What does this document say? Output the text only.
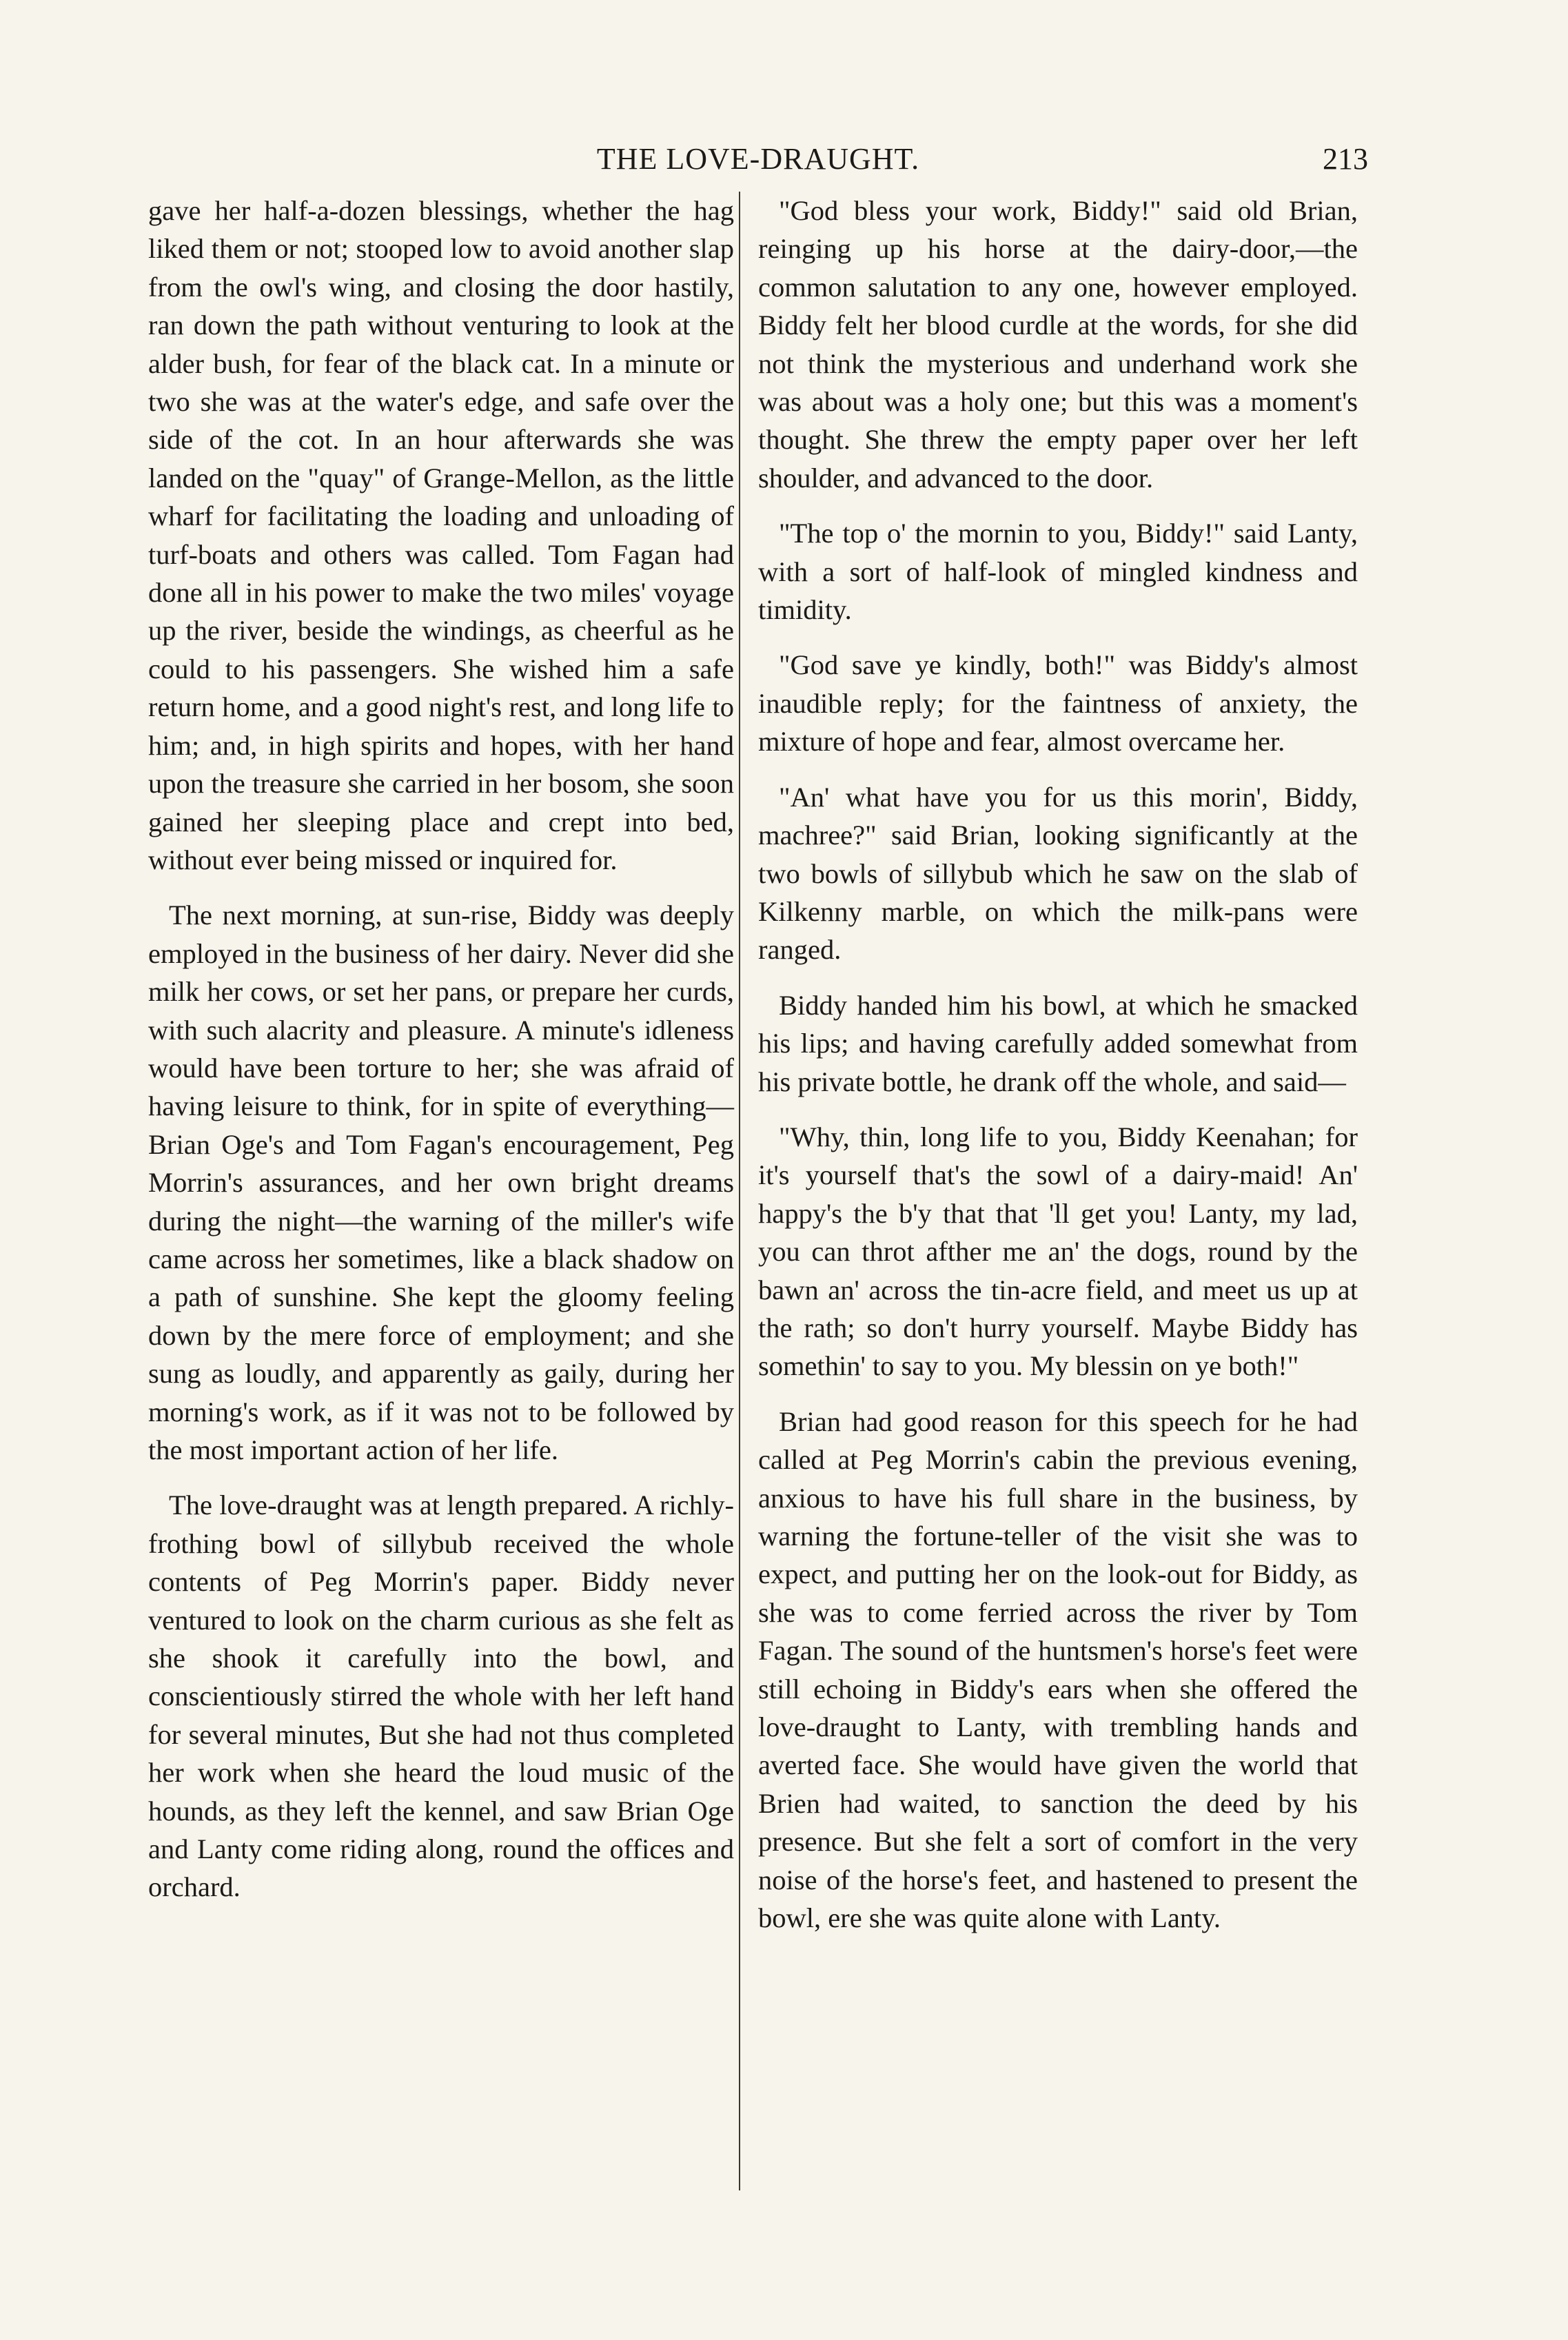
THE LOVE-DRAUGHT.	213

gave her half-a-dozen blessings, whether the hag liked them or not; stooped low to avoid another slap from the owl's wing, and closing the door hastily, ran down the path without venturing to look at the alder bush, for fear of the black cat. In a minute or two she was at the water's edge, and safe over the side of the cot. In an hour afterwards she was landed on the "quay" of Grange-Mellon, as the little wharf for facilitating the loading and unloading of turf-boats and others was called. Tom Fagan had done all in his power to make the two miles' voyage up the river, beside the windings, as cheerful as he could to his passengers. She wished him a safe return home, and a good night's rest, and long life to him; and, in high spirits and hopes, with her hand upon the treasure she carried in her bosom, she soon gained her sleeping place and crept into bed, without ever being missed or inquired for.

The next morning, at sun-rise, Biddy was deeply employed in the business of her dairy. Never did she milk her cows, or set her pans, or prepare her curds, with such alacrity and pleasure. A minute's idleness would have been torture to her; she was afraid of having leisure to think, for in spite of everything—Brian Oge's and Tom Fagan's encouragement, Peg Morrin's assurances, and her own bright dreams during the night—the warning of the miller's wife came across her sometimes, like a black shadow on a path of sunshine. She kept the gloomy feeling down by the mere force of employment; and she sung as loudly, and apparently as gaily, during her morning's work, as if it was not to be followed by the most important action of her life.

The love-draught was at length prepared. A richly-frothing bowl of sillybub received the whole contents of Peg Morrin's paper. Biddy never ventured to look on the charm curious as she felt as she shook it carefully into the bowl, and conscientiously stirred the whole with her left hand for several minutes, But she had not thus completed her work when she heard the loud music of the hounds, as they left the kennel, and saw Brian Oge and Lanty come riding along, round the offices and orchard.

"God bless your work, Biddy!" said old Brian, reinging up his horse at the dairy-door,—the common salutation to any one, however employed. Biddy felt her blood curdle at the words, for she did not think the mysterious and underhand work she was about was a holy one; but this was a moment's thought. She threw the empty paper over her left shoulder, and advanced to the door.

"The top o' the mornin to you, Biddy!" said Lanty, with a sort of half-look of mingled kindness and timidity.

"God save ye kindly, both!" was Biddy's almost inaudible reply; for the faintness of anxiety, the mixture of hope and fear, almost overcame her.

"An' what have you for us this morin', Biddy, machree?" said Brian, looking significantly at the two bowls of sillybub which he saw on the slab of Kilkenny marble, on which the milk-pans were ranged.

Biddy handed him his bowl, at which he smacked his lips; and having carefully added somewhat from his private bottle, he drank off the whole, and said—

"Why, thin, long life to you, Biddy Keenahan; for it's yourself that's the sowl of a dairy-maid! An' happy's the b'y that that 'll get you! Lanty, my lad, you can throt afther me an' the dogs, round by the bawn an' across the tin-acre field, and meet us up at the rath; so don't hurry yourself. Maybe Biddy has somethin' to say to you. My blessin on ye both!"

Brian had good reason for this speech for he had called at Peg Morrin's cabin the previous evening, anxious to have his full share in the business, by warning the fortune-teller of the visit she was to expect, and putting her on the look-out for Biddy, as she was to come ferried across the river by Tom Fagan. The sound of the huntsmen's horse's feet were still echoing in Biddy's ears when she offered the love-draught to Lanty, with trembling hands and averted face. She would have given the world that Brien had waited, to sanction the deed by his presence. But she felt a sort of comfort in the very noise of the horse's feet, and hastened to present the bowl, ere she was quite alone with Lanty.
